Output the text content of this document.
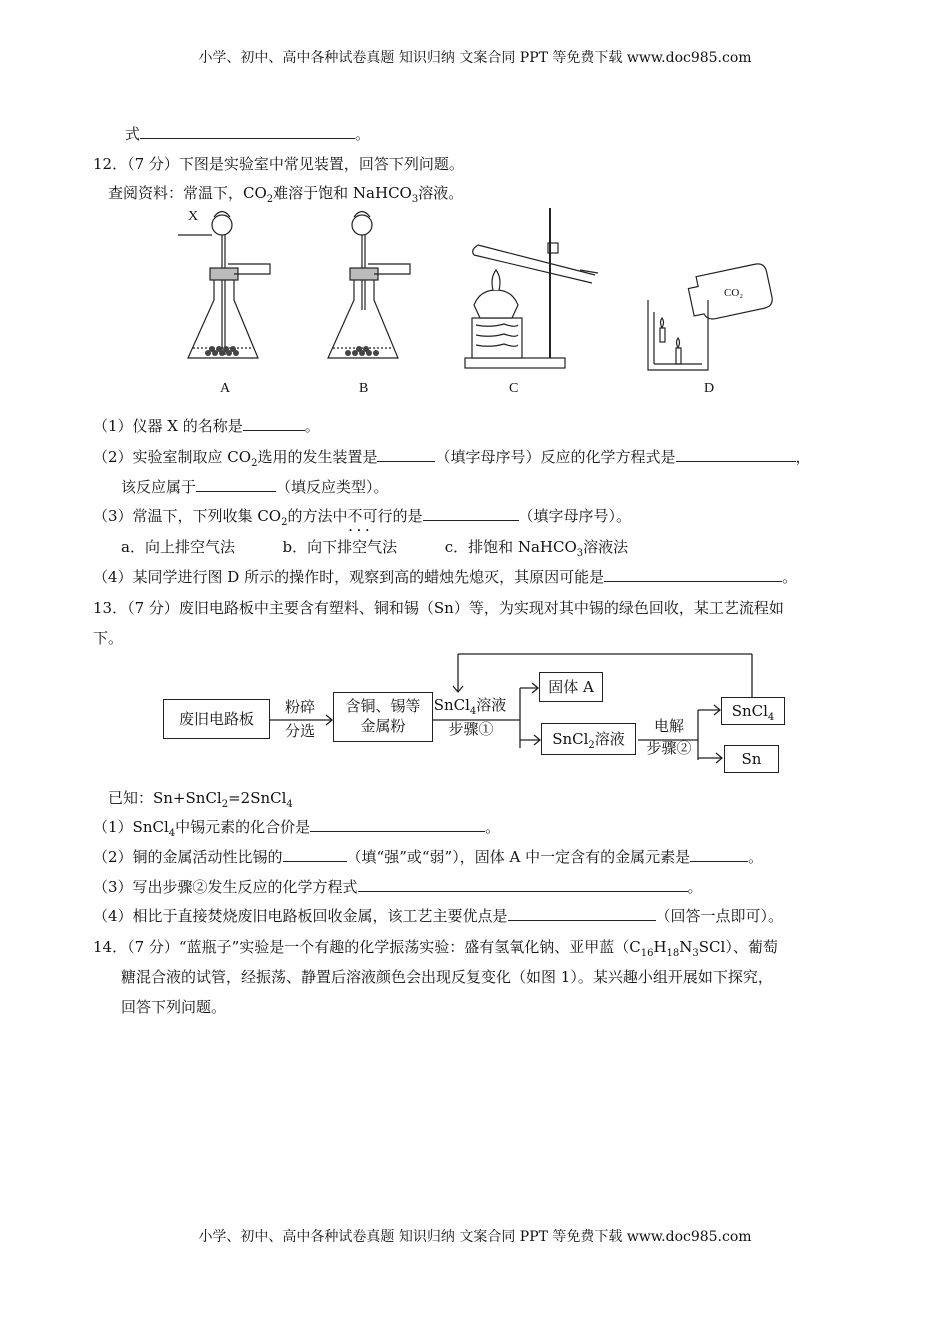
小学、初中、高中各种试卷真题 知识归纳 文案合同 PPT 等免费下载 www.doc985.com
小学、初中、高中各种试卷真题 知识归纳 文案合同 PPT 等免费下载 www.doc985.com
式	。
12．（7 分）下图是实验室中常见装置，回答下列问题。
查阅资料：常温下，$CO_2$难溶于饱和 NaHCO$_3$溶液。
X
A	B	C	D
CO₂
（1）仪器 X 的名称是	。
（2）实验室制取应 $CO_2$选用的发生装置是	（填字母序号）反应的化学方程式是	，
该反应属于	（填反应类型）。
（3）常温下，下列收集 $CO_2$的方法中不可行 • • •的是	（填字母序号）。
a．向上排空气法	b．向下排空气法	c．排饱和 NaHCO$_3$溶液法
（4）某同学进行图 D 所示的操作时，观察到高的蜡烛先熄灭，其原因可能是	。
13．（7 分）废旧电路板中主要含有塑料、铜和锡（Sn）等，为实现对其中锡的绿色回收，某工艺流程如
下。
废旧电路板
粉碎
分选
含铜、锡等
金属粉
SnCl$_4$溶液
步骤①
固体 A
SnCl$_2$溶液
电解
步骤②
SnCl$_4$
Sn
已知：Sn+SnCl$_2$=2SnCl$_4$
（1）SnCl$_4$中锡元素的化合价是	。
（2）铜的金属活动性比锡的	（填“强”或“弱”），固体 A 中一定含有的金属元素是	。
（3）写出步骤②发生反应的化学方程式	。
（4）相比于直接焚烧废旧电路板回收金属，该工艺主要优点是	（回答一点即可）。
14．（7 分）“蓝瓶子”实验是一个有趣的化学振荡实验：盛有氢氧化钠、亚甲蓝$(C_{16}H_{18}N_3SCl)$、葡萄
糖混合液的试管，经振荡、静置后溶液颜色会出现反复变化（如图 1）。某兴趣小组开展如下探究，
回答下列问题。
